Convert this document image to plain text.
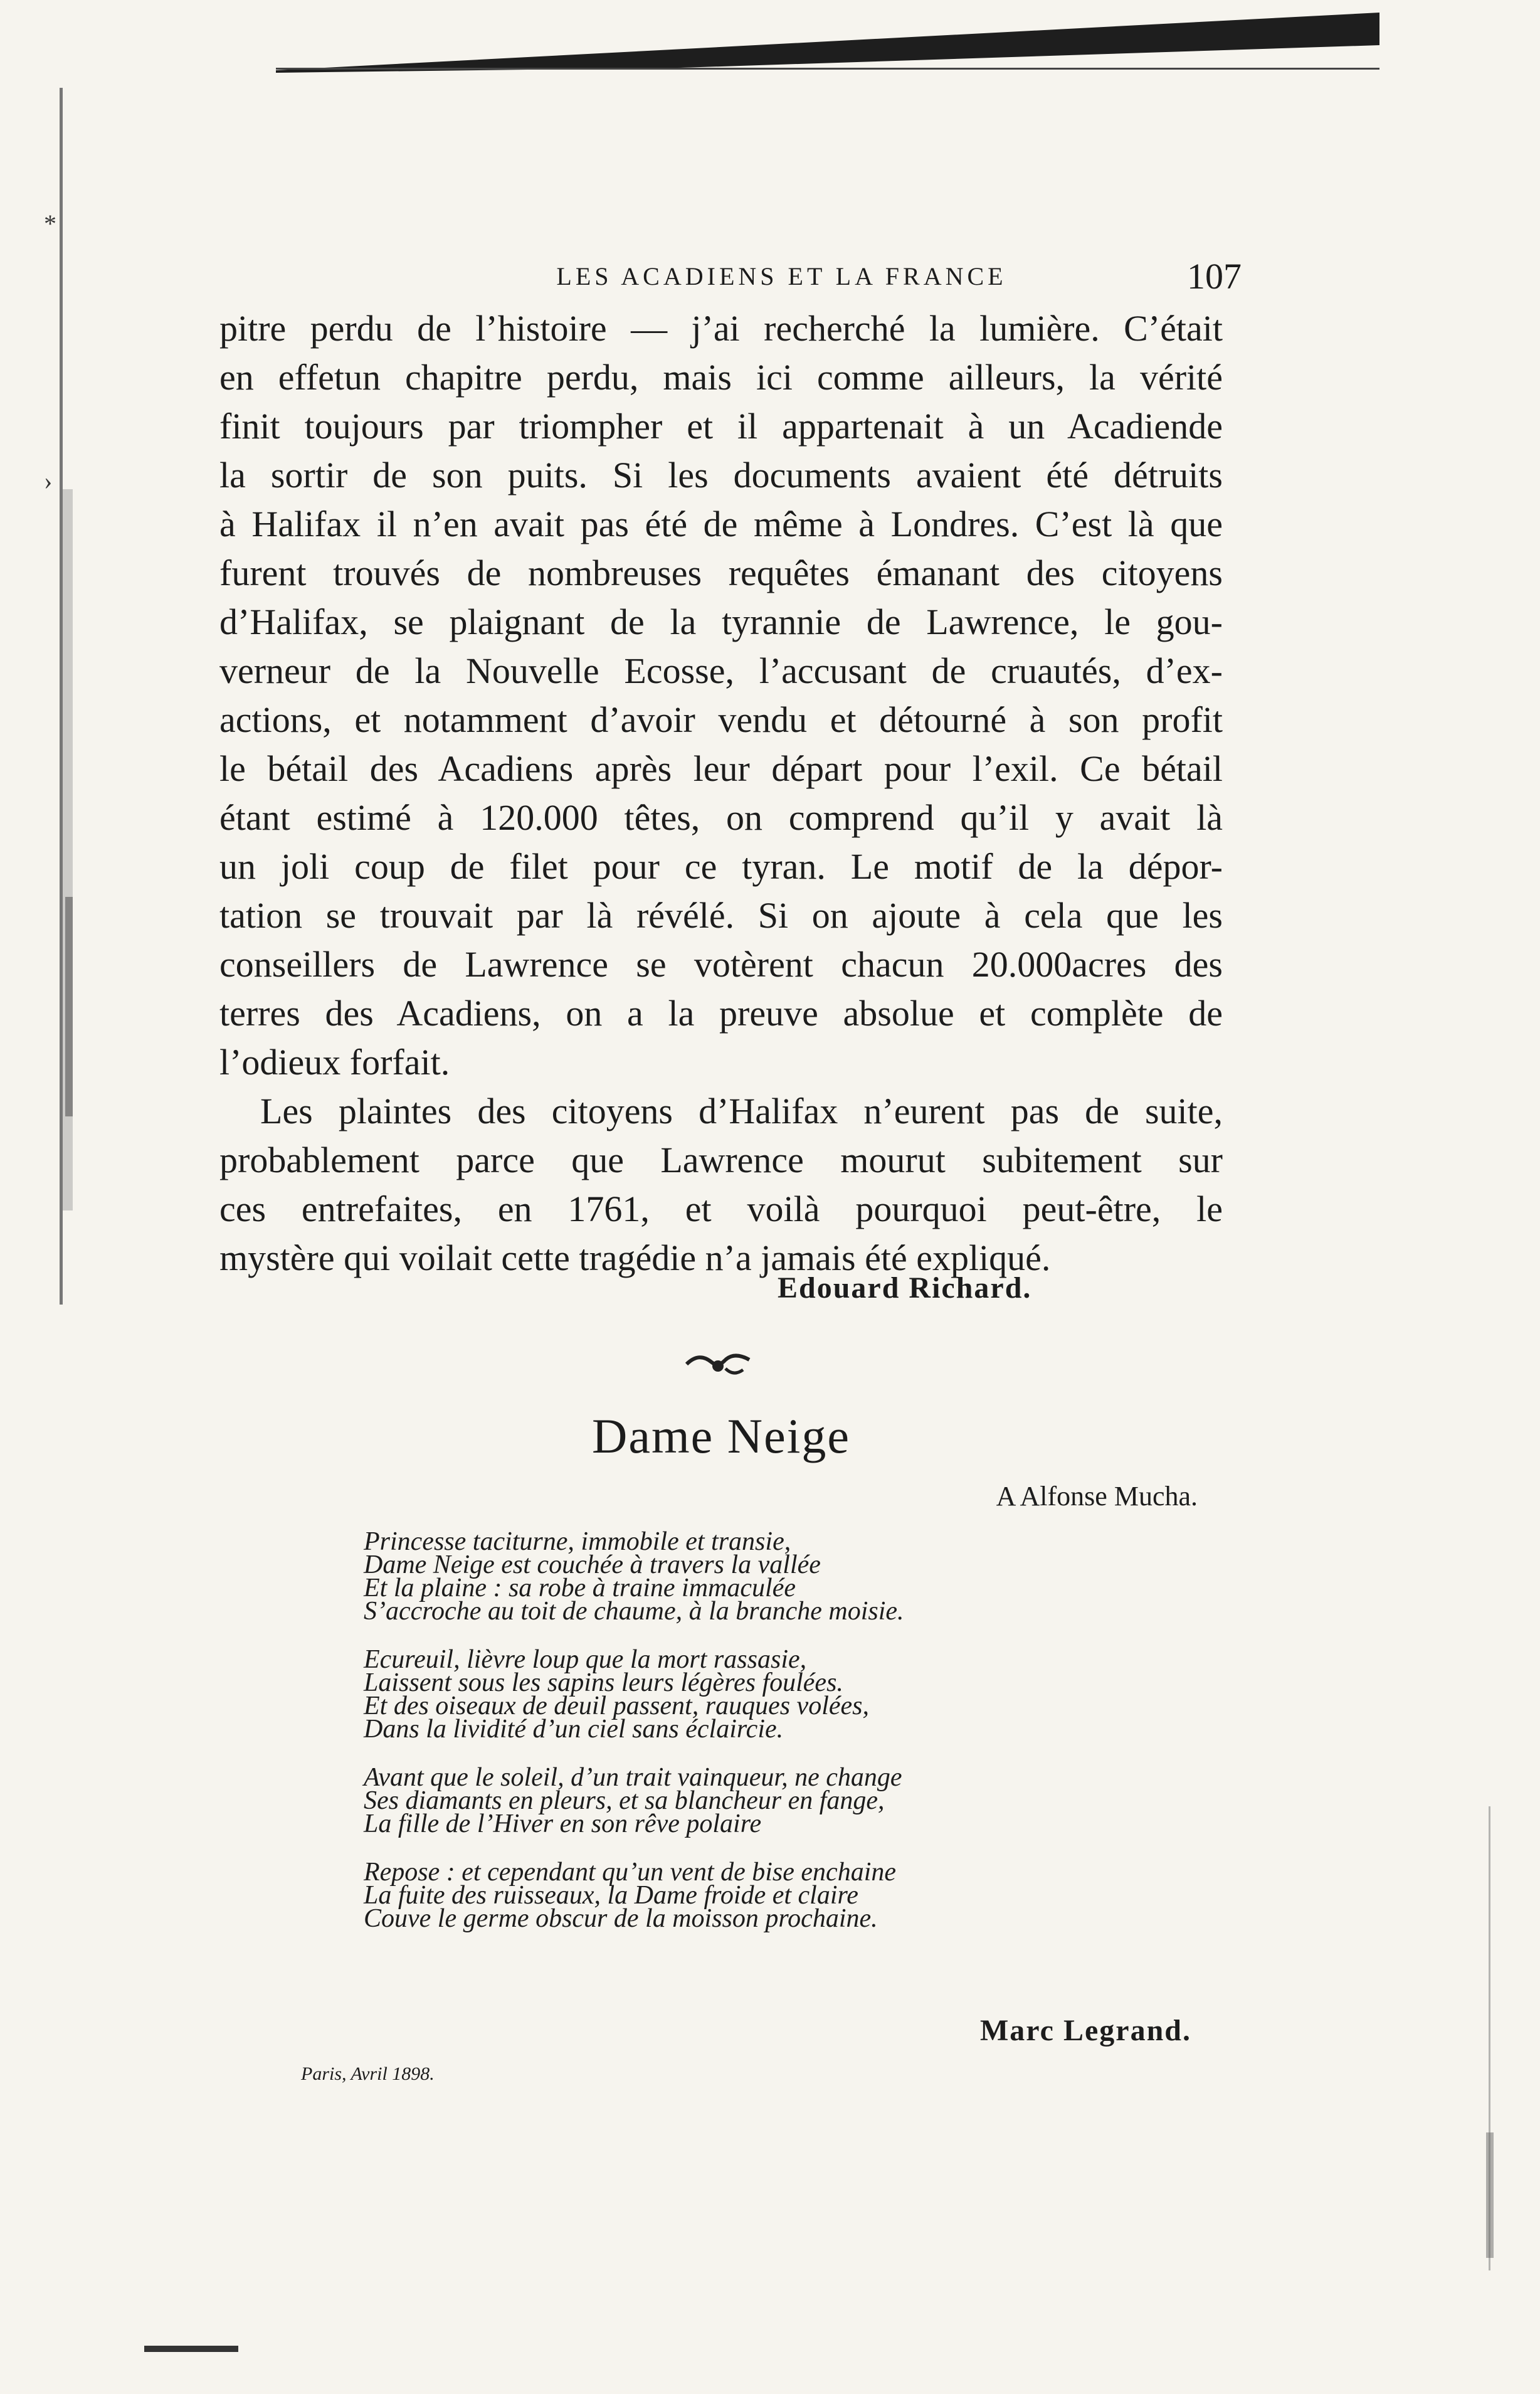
*
›
LES ACADIENS ET LA FRANCE	107
pitre perdu de l’histoire — j’ai recherché la lumière. C’était
en effetun chapitre perdu, mais ici comme ailleurs, la vérité
finit toujours par triompher et il appartenait à un Acadiende
la sortir de son puits. Si les documents avaient été détruits
à Halifax il n’en avait pas été de même à Londres. C’est là que
furent trouvés de nombreuses requêtes émanant des citoyens
d’Halifax, se plaignant de la tyrannie de Lawrence, le gou-
verneur de la Nouvelle Ecosse, l’accusant de cruautés, d’ex-
actions, et notamment d’avoir vendu et détourné à son profit
le bétail des Acadiens après leur départ pour l’exil. Ce bétail
étant estimé à 120.000 têtes, on comprend qu’il y avait là
un joli coup de filet pour ce tyran. Le motif de la dépor-
tation se trouvait par là révélé. Si on ajoute à cela que les
conseillers de Lawrence se votèrent chacun 20.000acres des
terres des Acadiens, on a la preuve absolue et complète de
l’odieux forfait.
Les plaintes des citoyens d’Halifax n’eurent pas de suite,
probablement parce que Lawrence mourut subitement sur
ces entrefaites, en 1761, et voilà pourquoi peut-être, le
mystère qui voilait cette tragédie n’a jamais été expliqué.
Edouard Richard.
Dame Neige
A Alfonse Mucha.
Princesse taciturne, immobile et transie,
Dame Neige est couchée à travers la vallée
Et la plaine : sa robe à traine immaculée
S’accroche au toit de chaume, à la branche moisie.
Ecureuil, lièvre loup que la mort rassasie,
Laissent sous les sapins leurs légères foulées.
Et des oiseaux de deuil passent, rauques volées,
Dans la lividité d’un ciel sans éclaircie.
Avant que le soleil, d’un trait vainqueur, ne change
Ses diamants en pleurs, et sa blancheur en fange,
La fille de l’Hiver en son rêve polaire
Repose : et cependant qu’un vent de bise enchaine
La fuite des ruisseaux, la Dame froide et claire
Couve le germe obscur de la moisson prochaine.
Marc Legrand.
Paris, Avril 1898.
